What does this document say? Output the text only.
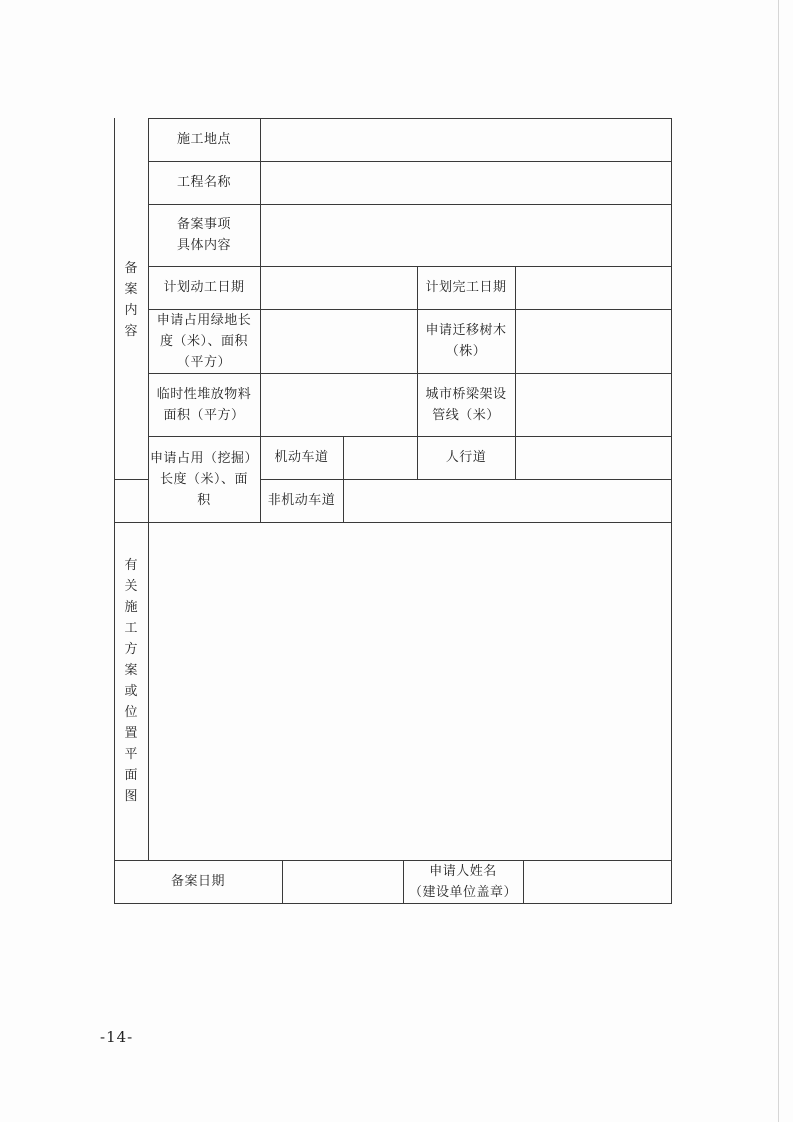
备
案
内
容
施工地点
工程名称
备案事项
具体内容
计划动工日期	计划完工日期
申请占用绿地长
度（米）、面积
（平方）
申请迁移树木
（株）
临时性堆放物料
面积（平方）
城市桥梁架设
管线（米）
申请占用（挖掘）
长度（米）、面
积
机动车道	人行道
非机动车道
有
关
施
工
方
案
或
位
置
平
面
图
备案日期
申请人姓名
（建设单位盖章）
-14-
